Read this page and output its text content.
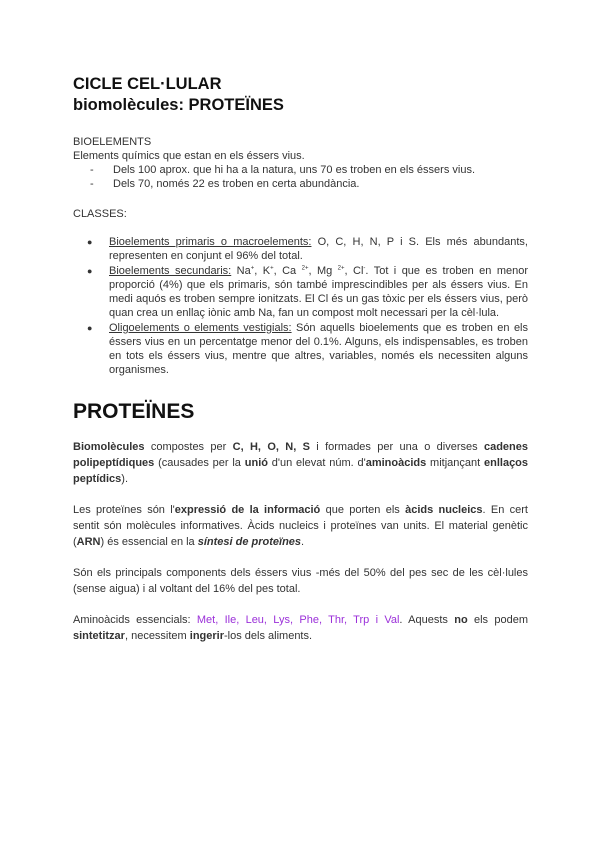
CICLE CEL·LULAR

biomolècules: PROTEÏNES

BIOELEMENTS
Elements químics que estan en els éssers vius.
- Dels 100 aprox. que hi ha a la natura, uns 70 es troben en els éssers vius.
- Dels 70, només 22 es troben en certa abundància.
CLASSES:
● Bioelements primaris o macroelements: O, C, H, N, P i S. Els més abundants, representen en conjunt el 96% del total.
● Bioelements secundaris: Na+, K+, Ca $^{2+}$, Mg $^{2+}$, Cl-. Tot i que es troben en menor proporció (4%) que els primaris, són també imprescindibles per als éssers vius. En medi aquós es troben sempre ionitzats. El Cl és un gas tòxic per els éssers vius, però quan crea un enllaç iònic amb Na, fan un compost molt necessari per la cèl·lula.
● Oligoelements o elements vestigials: Són aquells bioelements que es troben en els éssers vius en un percentatge menor del 0.1%. Alguns, els indispensables, es troben en tots els éssers vius, mentre que altres, variables, només els necessiten alguns organismes.
PROTEÏNES

Biomolècules compostes per C, H, O, N, S i formades per una o diverses cadenes polipeptídiques (causades per la unió d'un elevat núm. d'aminoàcids mitjançant enllaços peptídics).

Les proteïnes són l'expressió de la informació que porten els àcids nucleics. En cert sentit són molècules informatives. Àcids nucleics i proteïnes van units. El material genètic (ARN) és essencial en la síntesi de proteïnes.

Són els principals components dels éssers vius -més del 50% del pes sec de les cèl·lules (sense aigua) i al voltant del 16% del pes total.

Aminoàcids essencials: Met, Ile, Leu, Lys, Phe, Thr, Trp i Val. Aquests no els podem sintetitzar, necessitem ingerir-los dels aliments.
